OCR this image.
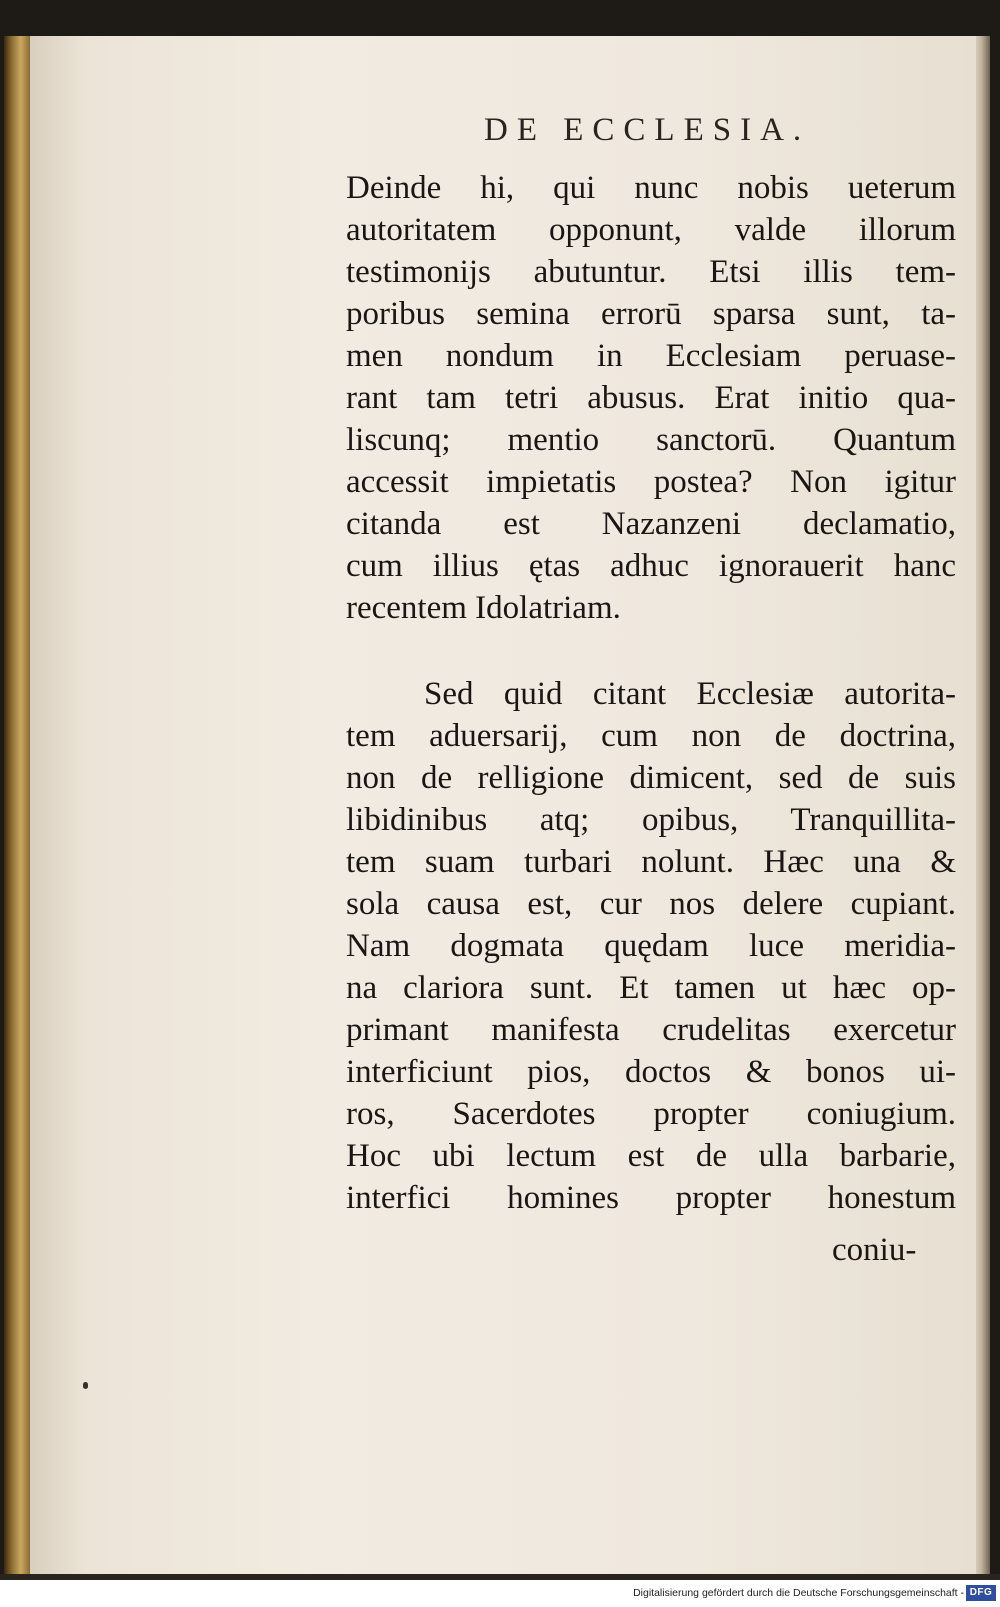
DE ECCLESIA.
Deinde hi, qui nunc nobis ueterum
autoritatem opponunt, valde illorum
testimonijs abutuntur. Etsi illis tem-
poribus semina errorū sparsa sunt, ta-
men nondum in Ecclesiam peruase-
rant tam tetri abusus. Erat initio qua-
liscunq; mentio sanctorū. Quantum
accessit impietatis postea? Non igitur
citanda est Nazanzeni declamatio,
cum illius ętas adhuc ignorauerit hanc
recentem Idolatriam.
Sed quid citant Ecclesiæ autorita-
tem aduersarij, cum non de doctrina,
non de relligione dimicent, sed de suis
libidinibus atq; opibus, Tranquillita-
tem suam turbari nolunt. Hæc una &
sola causa est, cur nos delere cupiant.
Nam dogmata quędam luce meridia-
na clariora sunt. Et tamen ut hæc op-
primant manifesta crudelitas exercetur
interficiunt pios, doctos & bonos ui-
ros, Sacerdotes propter coniugium.
Hoc ubi lectum est de ulla barbarie,
interfici homines propter honestum
coniu-
Digitalisierung gefördert durch die Deutsche Forschungsgemeinschaft - DFG
